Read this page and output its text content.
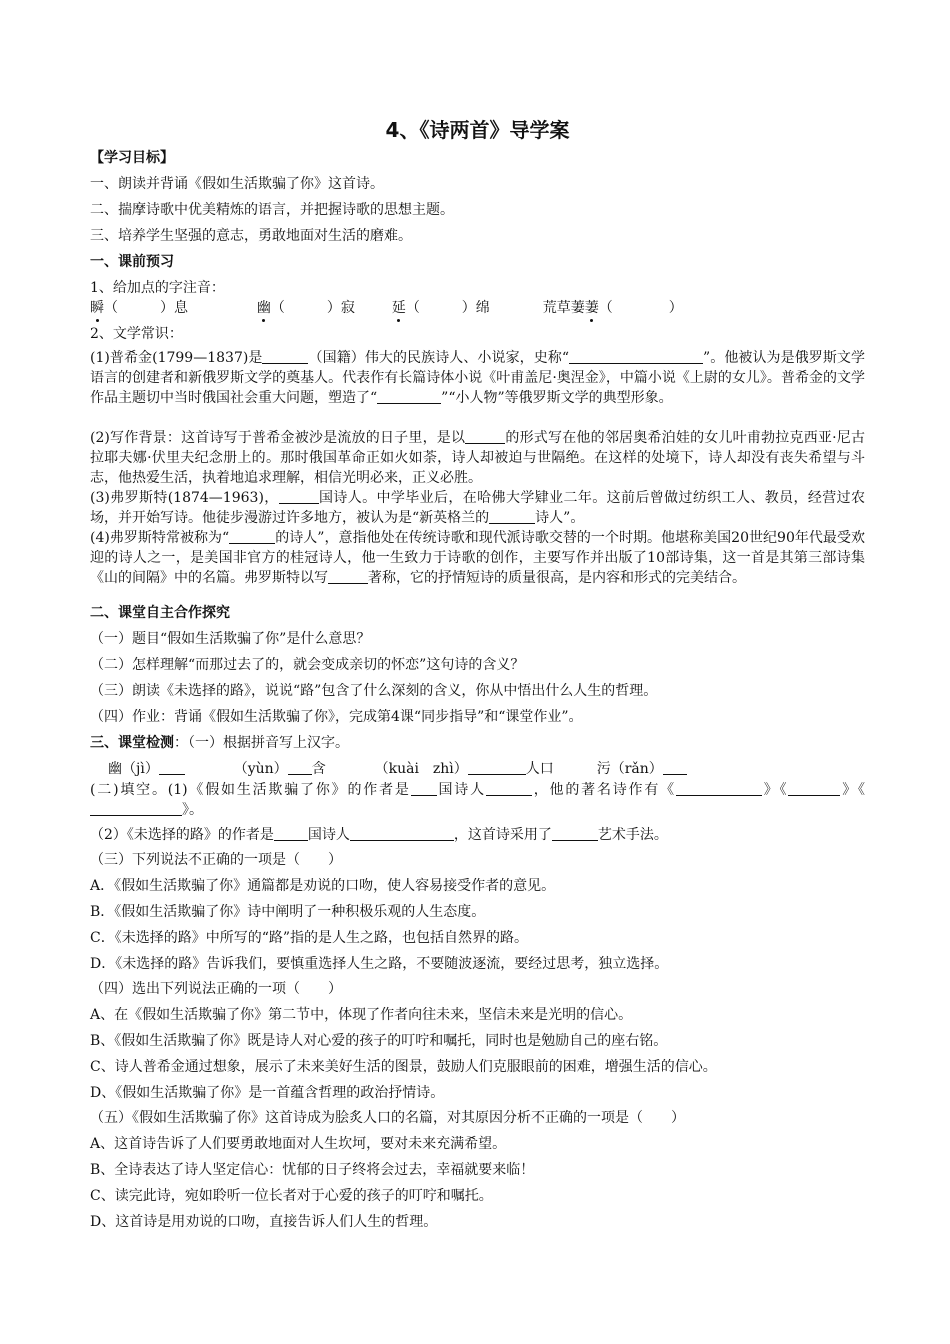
4、《诗两首》导学案
【学习目标】
一、朗读并背诵《假如生活欺骗了你》这首诗。
二、揣摩诗歌中优美精炼的语言，并把握诗歌的思想主题。
三、培养学生坚强的意志，勇敢地面对生活的磨难。
一、课前预习
1、给加点的字注音：
瞬（　　　）息	幽（　　　）寂	延（　　　）绵	荒草萋萋（　　　　）
2、文学常识：
(1)普希金(1799—1837)是	（国籍）伟大的民族诗人、小说家，史称“	”。他被认为是俄罗斯文学语言的创建者和新俄罗斯文学的奠基人。代表作有长篇诗体小说《叶甫盖尼·奥涅金》，中篇小说《上尉的女儿》。普希金的文学作品主题切中当时俄国社会重大问题，塑造了“	”“小人物”等俄罗斯文学的典型形象。
(2)写作背景：这首诗写于普希金被沙是流放的日子里，是以	的形式写在他的邻居奥希泊娃的女儿叶甫勃拉克西亚·尼古拉耶夫娜·伏里夫纪念册上的。那时俄国革命正如火如荼，诗人却被迫与世隔绝。在这样的处境下，诗人却没有丧失希望与斗志，他热爱生活，执着地追求理解，相信光明必来，正义必胜。
(3)弗罗斯特(1874—1963)，	国诗人。中学毕业后，在哈佛大学肄业二年。这前后曾做过纺织工人、教员，经营过农场，并开始写诗。他徒步漫游过许多地方，被认为是“新英格兰的	诗人”。
(4)弗罗斯特常被称为“	的诗人”，意指他处在传统诗歌和现代派诗歌交替的一个时期。他堪称美国20世纪90年代最受欢迎的诗人之一，是美国非官方的桂冠诗人，他一生致力于诗歌的创作，主要写作并出版了10部诗集，这一首是其第三部诗集《山的间隔》中的名篇。弗罗斯特以写	著称，它的抒情短诗的质量很高，是内容和形式的完美结合。
二、课堂自主合作探究
（一）题目“假如生活欺骗了你”是什么意思？
（二）怎样理解“而那过去了的，就会变成亲切的怀恋”这句诗的含义？
（三）朗读《未选择的路》，说说“路”包含了什么深刻的含义，你从中悟出什么人生的哲理。
（四）作业：背诵《假如生活欺骗了你》，完成第4课“同步指导”和“课堂作业”。
三、课堂检测：（一）根据拼音写上汉字。
幽（jì）	（yùn） 含	（kuài　zhì）	人口	污（rǎn）
(二)填空。(1)《假如生活欺骗了你》的作者是 国诗人	，他的著名诗作有《	》《	》《》。
（2）《未选择的路》的作者是 国诗人	，这首诗采用了	艺术手法。
（三）下列说法不正确的一项是（　　）
A．《假如生活欺骗了你》通篇都是劝说的口吻，使人容易接受作者的意见。
B．《假如生活欺骗了你》诗中阐明了一种积极乐观的人生态度。
C．《未选择的路》中所写的“路”指的是人生之路，也包括自然界的路。
D．《未选择的路》告诉我们，要慎重选择人生之路，不要随波逐流，要经过思考，独立选择。
（四）选出下列说法正确的一项（　　）
A、在《假如生活欺骗了你》第二节中，体现了作者向往未来，坚信未来是光明的信心。
B、《假如生活欺骗了你》既是诗人对心爱的孩子的叮咛和嘱托，同时也是勉励自己的座右铭。
C、诗人普希金通过想象，展示了未来美好生活的图景，鼓励人们克服眼前的困难，增强生活的信心。
D、《假如生活欺骗了你》是一首蕴含哲理的政治抒情诗。
（五）《假如生活欺骗了你》这首诗成为脍炙人口的名篇，对其原因分析不正确的一项是（　　）
A、这首诗告诉了人们要勇敢地面对人生坎坷，要对未来充满希望。
B、全诗表达了诗人坚定信心：忧郁的日子终将会过去，幸福就要来临！
C、读完此诗，宛如聆听一位长者对于心爱的孩子的叮咛和嘱托。
D、这首诗是用劝说的口吻，直接告诉人们人生的哲理。
